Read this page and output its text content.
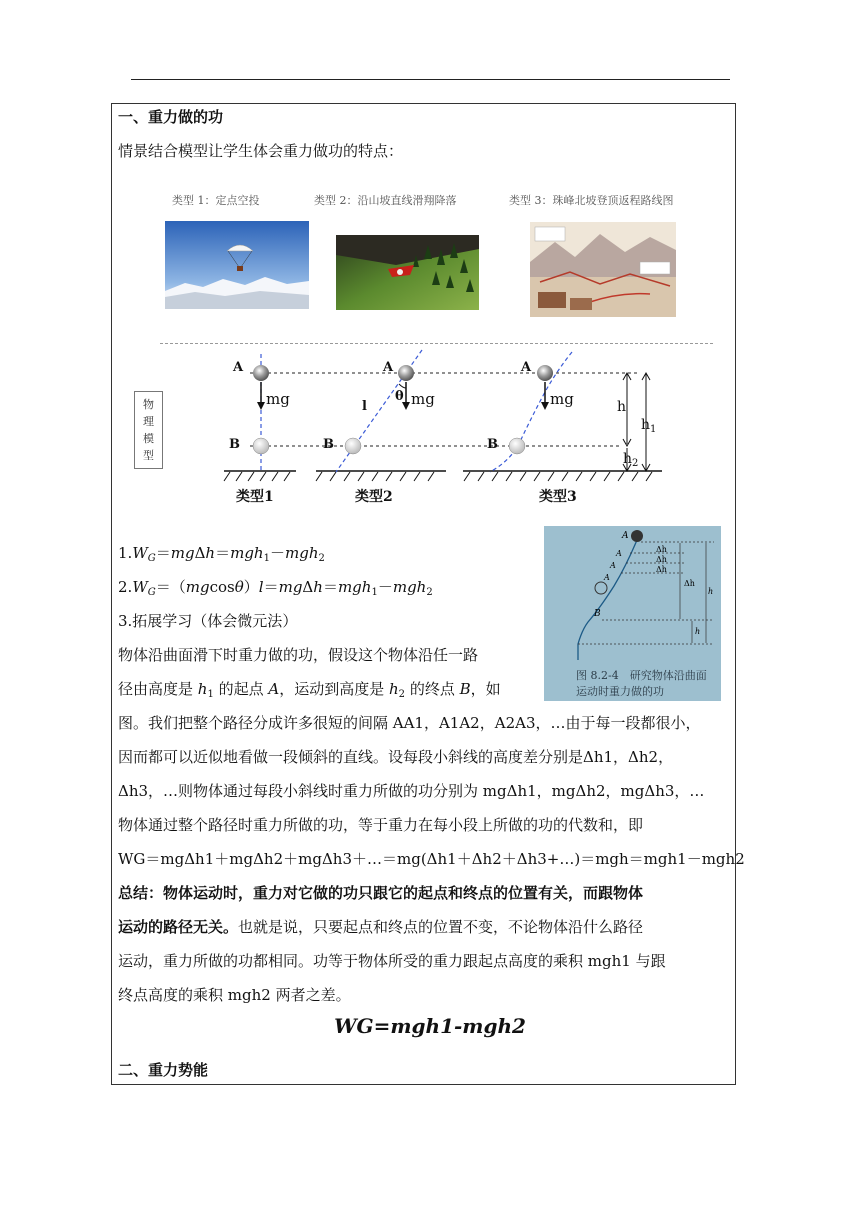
一、重力做的功
情景结合模型让学生体会重力做功的特点：
类型 1：定点空投	类型 2：沿山坡直线滑翔降落	类型 3：珠峰北坡登顶返程路线图
物
理
模
型
A
B
mg
A
B
θ mg
l
A
B
mg	h
$h_2$
$h_1$
类型1	类型2	类型3
A
A
A
A
B
Δh
Δh
Δh
Δh
h
h
图 8.2-4　研究物体沿曲面
运动时重力做的功
$1.W_G=mg\Delta h=mgh_1-mgh_2$
$2.W_G=(mgcos\theta)l=mg\Delta h=mgh_1-mgh_2$
3.拓展学习（体会微元法）
物体沿曲面滑下时重力做的功，假设这个物体沿任一路
径由高度是 $h_1$ 的起点 A，运动到高度是 $h_2$ 的终点 B，如
图。我们把整个路径分成许多很短的间隔 AA1，A1A2，A2A3，…由于每一段都很小，
因而都可以近似地看做一段倾斜的直线。设每段小斜线的高度差分别是Δh1，Δh2，
Δh3，…则物体通过每段小斜线时重力所做的功分别为 mgΔh1，mgΔh2，mgΔh3，…
物体通过整个路径时重力所做的功，等于重力在每小段上所做的功的代数和，即
WG＝mgΔh1＋mgΔh2＋mgΔh3＋…＝mg(Δh1＋Δh2＋Δh3+…)＝mgh＝mgh1－mgh2
总结：物体运动时，重力对它做的功只跟它的起点和终点的位置有关，而跟物体
运动的路径无关。也就是说，只要起点和终点的位置不变，不论物体沿什么路径
运动，重力所做的功都相同。功等于物体所受的重力跟起点高度的乘积 mgh1 与跟
终点高度的乘积 mgh2 两者之差。
WG=mgh1-mgh2
二、重力势能
